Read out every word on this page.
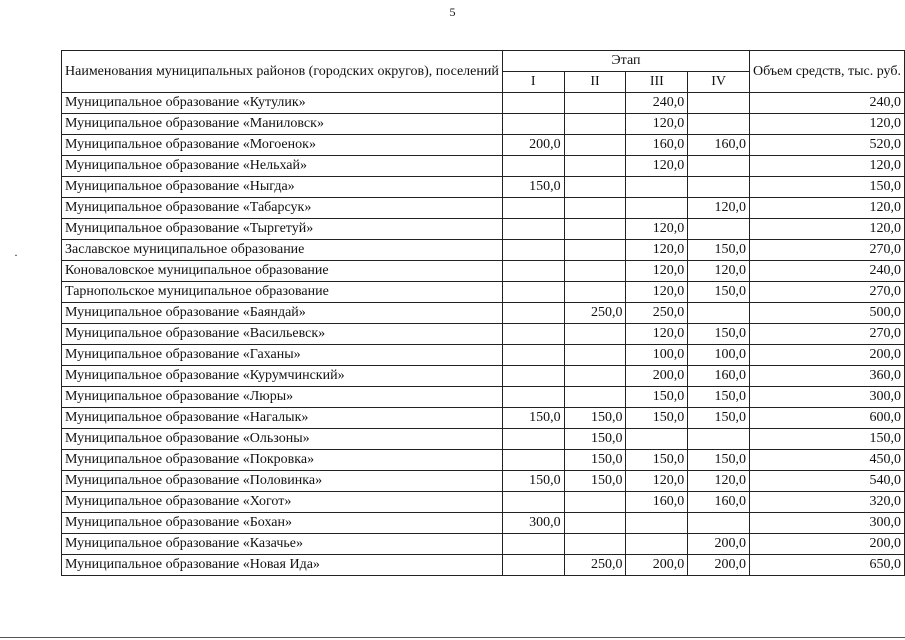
5
·
Наименования муниципальных районов (городских округов), поселений	Этап				Объем средств, тыс. руб.
	I	II	III	IV	
Муниципальное образование «Кутулик»			240,0		240,0
Муниципальное образование «Маниловск»			120,0		120,0
Муниципальное образование «Могоенок»	200,0		160,0	160,0	520,0
Муниципальное образование «Нельхай»			120,0		120,0
Муниципальное образование «Ныгда»	150,0				150,0
Муниципальное образование «Табарсук»				120,0	120,0
Муниципальное образование «Тыргетуй»			120,0		120,0
Заславское муниципальное образование			120,0	150,0	270,0
Коноваловское муниципальное образование			120,0	120,0	240,0
Тарнопольское муниципальное образование			120,0	150,0	270,0
Муниципальное образование «Баяндай»		250,0	250,0		500,0
Муниципальное образование «Васильевск»			120,0	150,0	270,0
Муниципальное образование «Гаханы»			100,0	100,0	200,0
Муниципальное образование «Курумчинский»			200,0	160,0	360,0
Муниципальное образование «Люры»			150,0	150,0	300,0
Муниципальное образование «Нагалык»	150,0	150,0	150,0	150,0	600,0
Муниципальное образование «Ользоны»		150,0			150,0
Муниципальное образование «Покровка»		150,0	150,0	150,0	450,0
Муниципальное образование «Половинка»	150,0	150,0	120,0	120,0	540,0
Муниципальное образование «Хогот»			160,0	160,0	320,0
Муниципальное образование «Бохан»	300,0				300,0
Муниципальное образование «Казачье»				200,0	200,0
Муниципальное образование «Новая Ида»		250,0	200,0	200,0	650,0
